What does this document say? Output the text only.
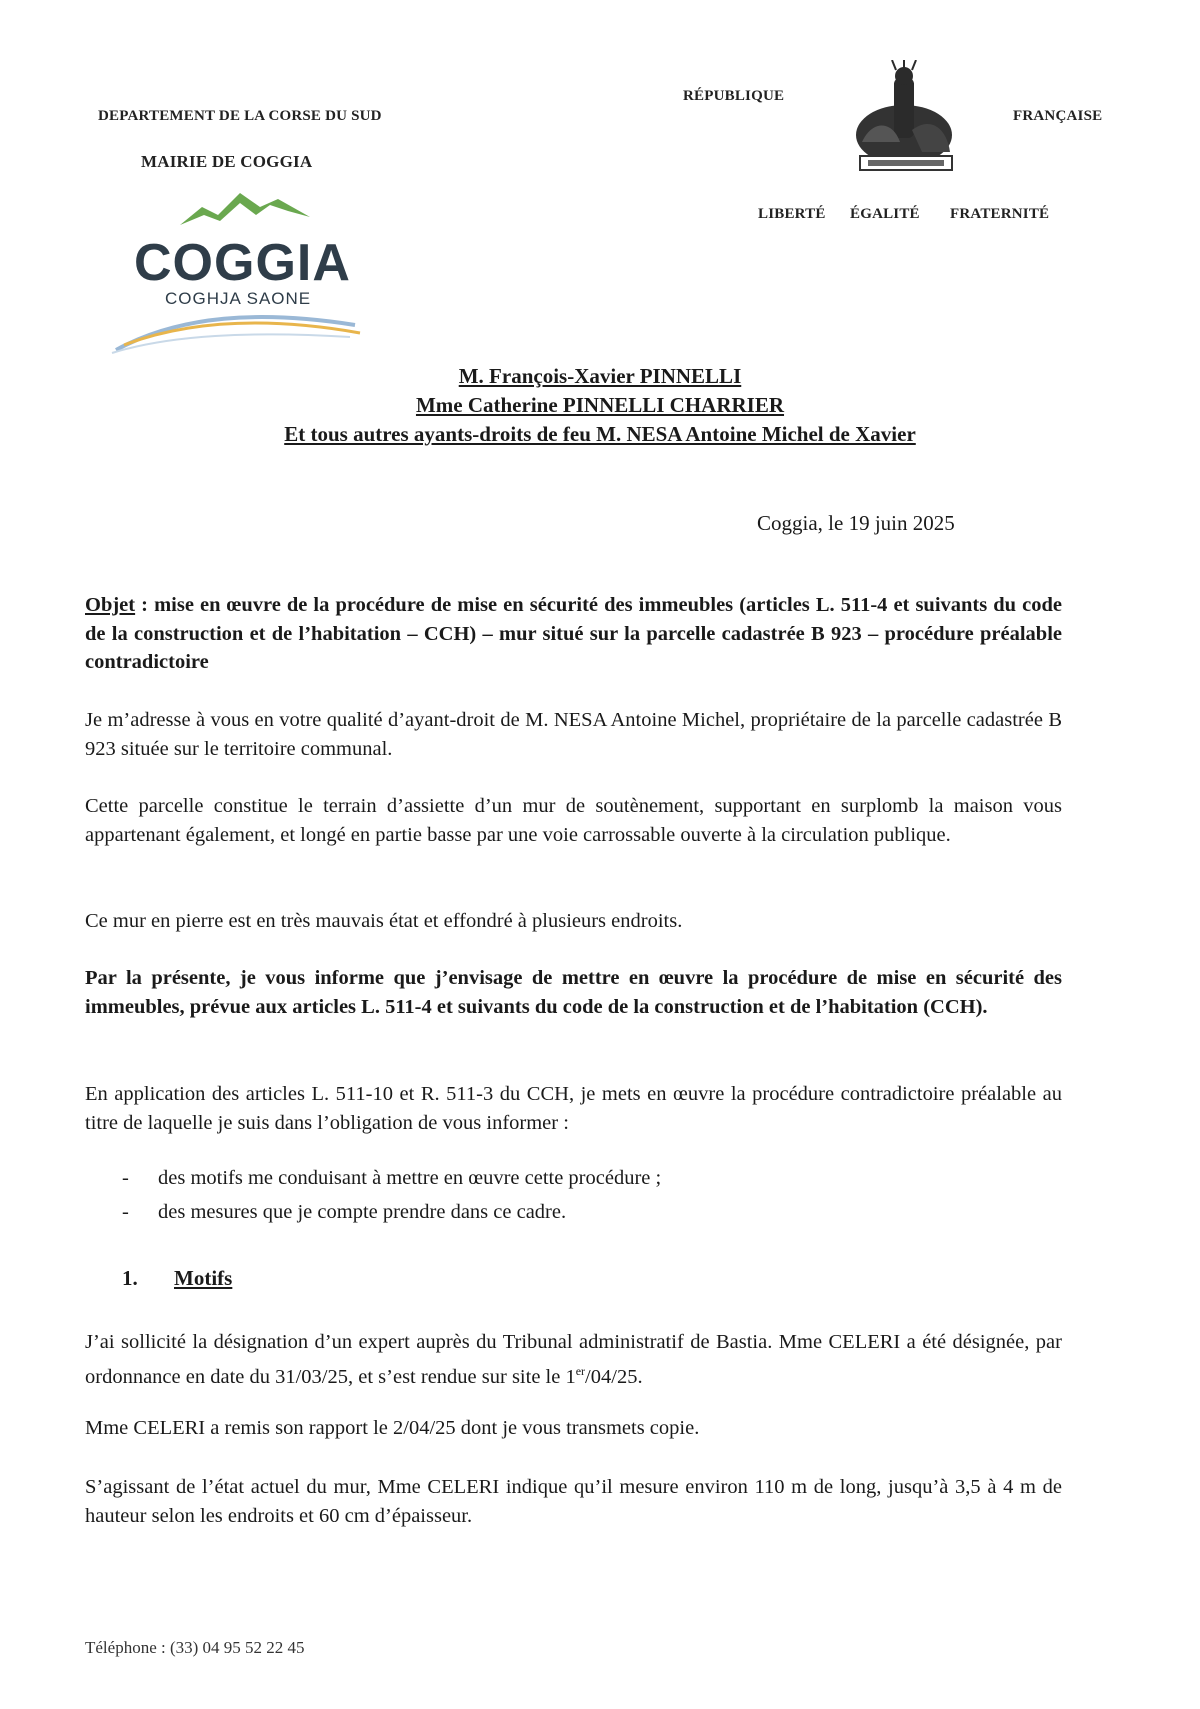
DEPARTEMENT DE LA CORSE DU SUD
MAIRIE DE COGGIA
COGGIA
COGHJA SAONE
RÉPUBLIQUE
FRANÇAISE
LIBERTÉ ÉGALITÉ FRATERNITÉ
M. François-Xavier PINNELLI
Mme Catherine PINNELLI CHARRIER
Et tous autres ayants-droits de feu M. NESA Antoine Michel de Xavier
Coggia, le 19 juin 2025

Objet : mise en œuvre de la procédure de mise en sécurité des immeubles (articles L. 511-4 et suivants du code de la construction et de l’habitation – CCH) – mur situé sur la parcelle cadastrée B 923 – procédure préalable contradictoire

Je m’adresse à vous en votre qualité d’ayant-droit de M. NESA Antoine Michel, propriétaire de la parcelle cadastrée B 923 située sur le territoire communal.

Cette parcelle constitue le terrain d’assiette d’un mur de soutènement, supportant en surplomb la maison vous appartenant également, et longé en partie basse par une voie carrossable ouverte à la circulation publique.

Ce mur en pierre est en très mauvais état et effondré à plusieurs endroits.

Par la présente, je vous informe que j’envisage de mettre en œuvre la procédure de mise en sécurité des immeubles, prévue aux articles L. 511-4 et suivants du code de la construction et de l’habitation (CCH).

En application des articles L. 511-10 et R. 511-3 du CCH, je mets en œuvre la procédure contradictoire préalable au titre de laquelle je suis dans l’obligation de vous informer :

- des motifs me conduisant à mettre en œuvre cette procédure ;
- des mesures que je compte prendre dans ce cadre.
1. Motifs

J’ai sollicité la désignation d’un expert auprès du Tribunal administratif de Bastia. Mme CELERI a été désignée, par ordonnance en date du 31/03/25, et s’est rendue sur site le 1er/04/25.

Mme CELERI a remis son rapport le 2/04/25 dont je vous transmets copie.

S’agissant de l’état actuel du mur, Mme CELERI indique qu’il mesure environ 110 m de long, jusqu’à 3,5 à 4 m de hauteur selon les endroits et 60 cm d’épaisseur.

Téléphone : (33) 04 95 52 22 45
